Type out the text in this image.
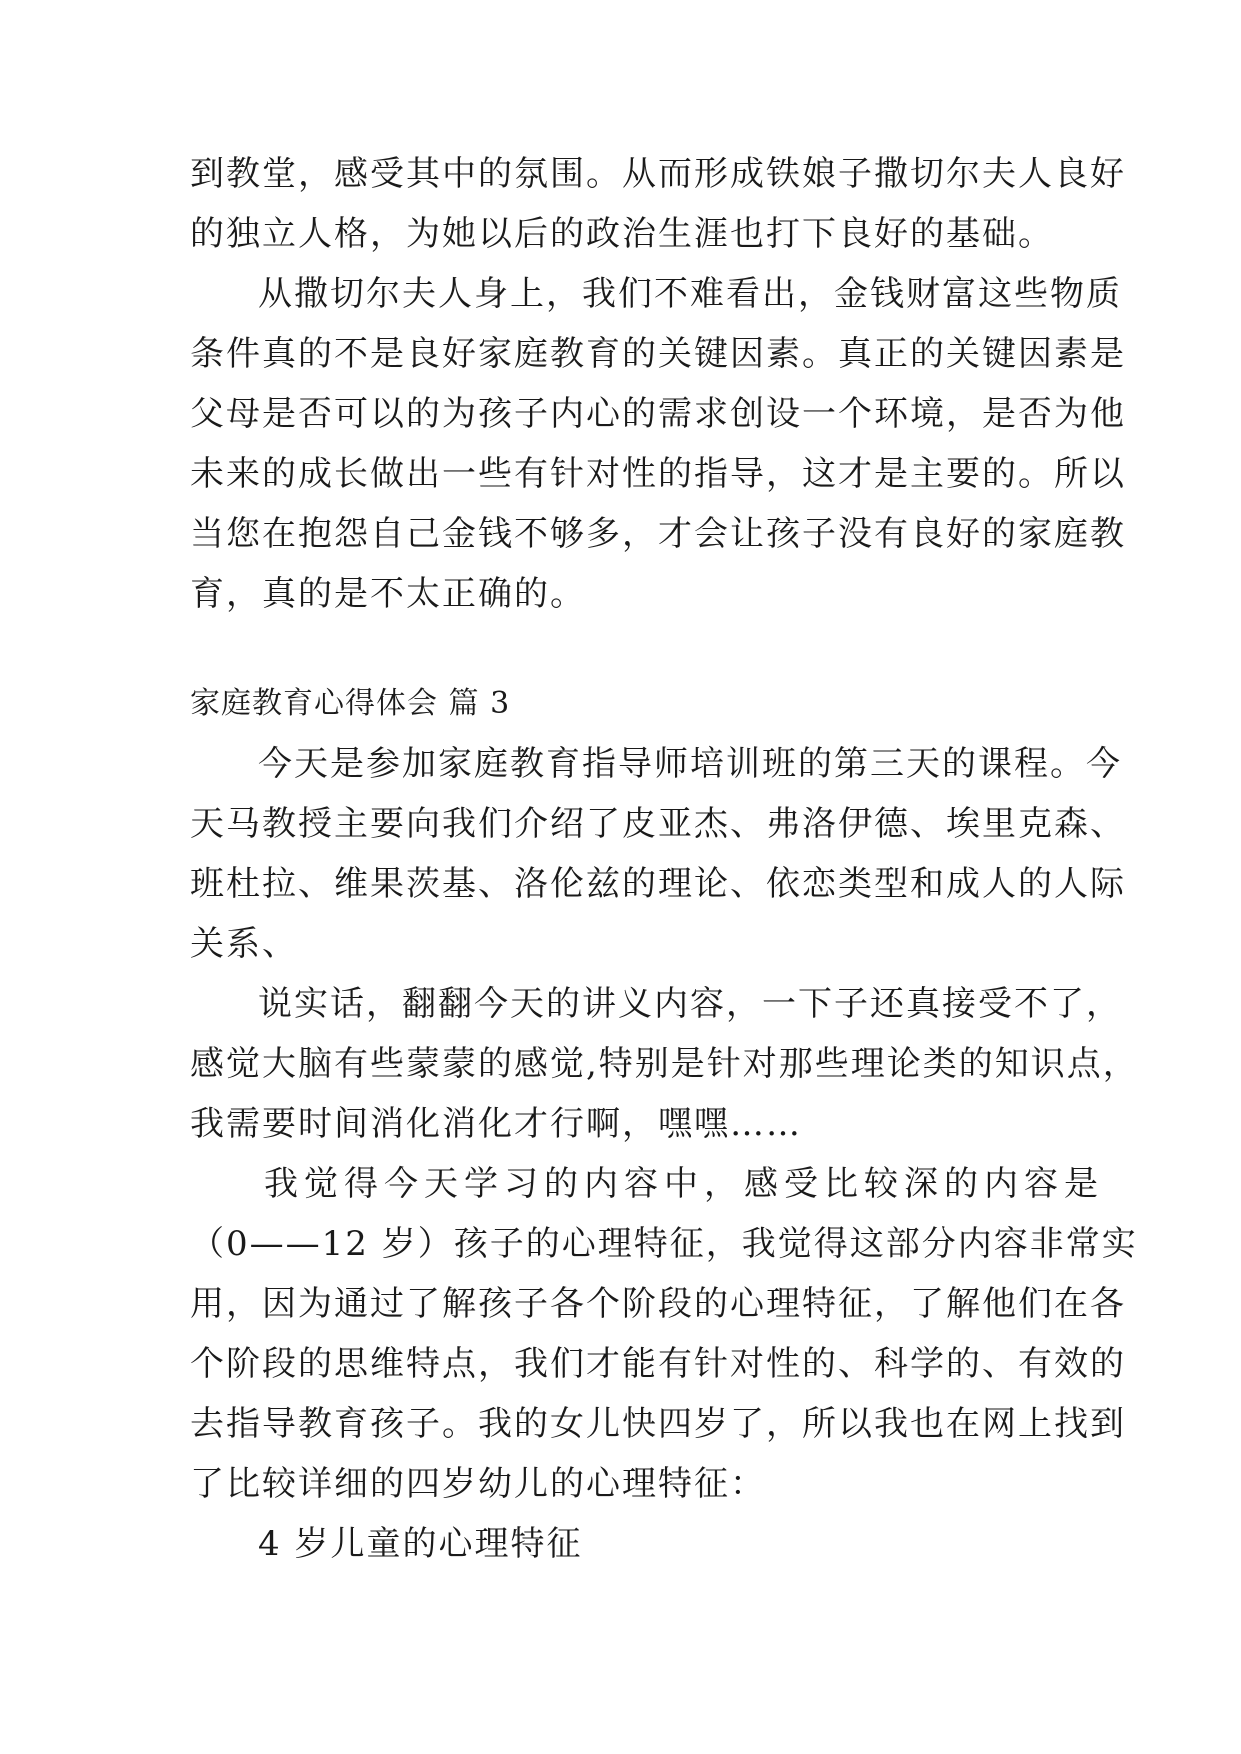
到教堂，感受其中的氛围。从而形成铁娘子撒切尔夫人良好
的独立人格，为她以后的政治生涯也打下良好的基础。
从撒切尔夫人身上，我们不难看出，金钱财富这些物质
条件真的不是良好家庭教育的关键因素。真正的关键因素是
父母是否可以的为孩子内心的需求创设一个环境，是否为他
未来的成长做出一些有针对性的指导，这才是主要的。所以
当您在抱怨自己金钱不够多，才会让孩子没有良好的家庭教
育，真的是不太正确的。
家庭教育心得体会 篇 3
今天是参加家庭教育指导师培训班的第三天的课程。今
天马教授主要向我们介绍了皮亚杰、弗洛伊德、埃里克森、
班杜拉、维果茨基、洛伦兹的理论、依恋类型和成人的人际
关系、
说实话，翻翻今天的讲义内容，一下子还真接受不了，
感觉大脑有些蒙蒙的感觉,特别是针对那些理论类的知识点，
我需要时间消化消化才行啊，嘿嘿……
我觉得今天学习的内容中，感受比较深的内容是
（0——12 岁）孩子的心理特征，我觉得这部分内容非常实
用，因为通过了解孩子各个阶段的心理特征，了解他们在各
个阶段的思维特点，我们才能有针对性的、科学的、有效的
去指导教育孩子。我的女儿快四岁了，所以我也在网上找到
了比较详细的四岁幼儿的心理特征：
4 岁儿童的心理特征
